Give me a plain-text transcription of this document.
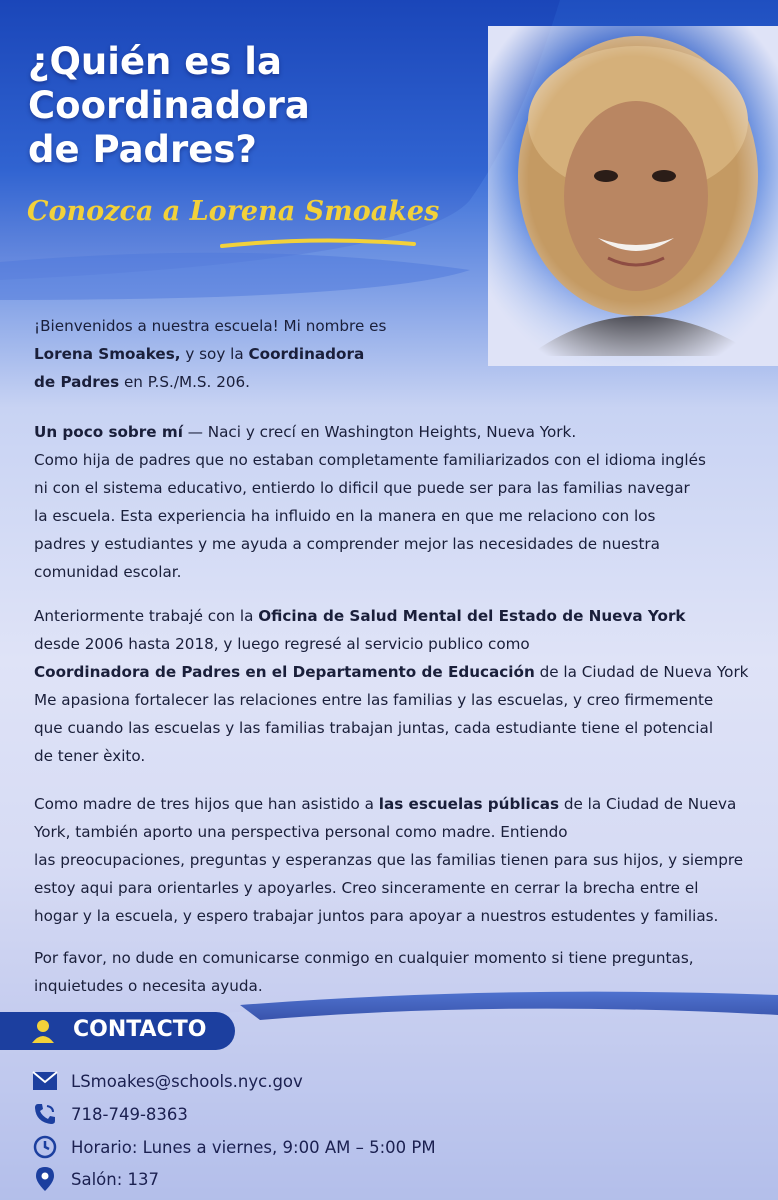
¿Quién es la
Coordinadora
de Padres?
Conozca a Lorena Smoakes

¡Bienvenidos a nuestra escuela! Mi nombre es
Lorena Smoakes, y soy la Coordinadora
de Padres en P.S./M.S. 206.

Un poco sobre mí — Naci y crecí en Washington Heights, Nueva York.
Como hija de padres que no estaban completamente familiarizados con el idioma inglés
ni con el sistema educativo, entierdo lo dificil que puede ser para las familias navegar
la escuela. Esta experiencia ha influido en la manera en que me relaciono con los
padres y estudiantes y me ayuda a comprender mejor las necesidades de nuestra
comunidad escolar.

Anteriormente trabajé con la Oficina de Salud Mental del Estado de Nueva York
desde 2006 hasta 2018, y luego regresé al servicio publico como
Coordinadora de Padres en el Departamento de Educación de la Ciudad de Nueva York
Me apasiona fortalecer las relaciones entre las familias y las escuelas, y creo firmemente
que cuando las escuelas y las familias trabajan juntas, cada estudiante tiene el potencial
de tener èxito.

Como madre de tres hijos que han asistido a las escuelas públicas de la Ciudad de Nueva
York, también aporto una perspectiva personal como madre. Entiendo
las preocupaciones, preguntas y esperanzas que las familias tienen para sus hijos, y siempre
estoy aqui para orientarles y apoyarles. Creo sinceramente en cerrar la brecha entre el
hogar y la escuela, y espero trabajar juntos para apoyar a nuestros estudentes y familias.

Por favor, no dude en comunicarse conmigo en cualquier momento si tiene preguntas,
inquietudes o necesita ayuda.

CONTACTO
LSmoakes@schools.nyc.gov
718-749-8363
Horario: Lunes a viernes, 9:00 AM – 5:00 PM
Salón: 137
